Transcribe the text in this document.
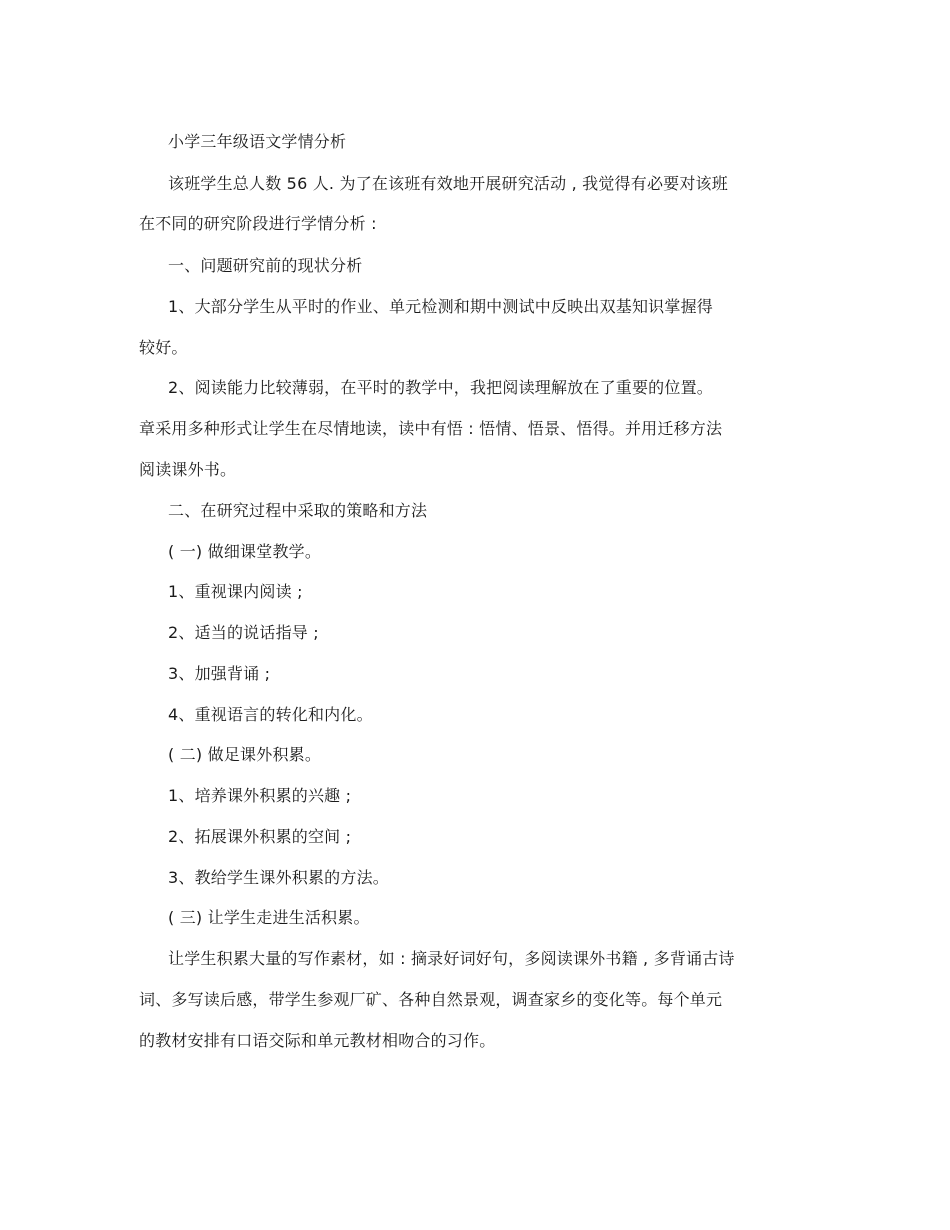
小学三年级语文学情分析
该班学生总人数 56 人. 为了在该班有效地开展研究活动 , 我觉得有必要对该班
在不同的研究阶段进行学情分析 :
一、问题研究前的现状分析
1、大部分学生从平时的作业、单元检测和期中测试中反映出双基知识掌握得
较好。
2、阅读能力比较薄弱，在平时的教学中，我把阅读理解放在了重要的位置。
章采用多种形式让学生在尽情地读，读中有悟 : 悟情、悟景、悟得。并用迁移方法
阅读课外书。
二、在研究过程中采取的策略和方法
( 一) 做细课堂教学。
1、重视课内阅读 ;
2、适当的说话指导 ;
3、加强背诵 ;
4、重视语言的转化和内化。
( 二) 做足课外积累。
1、培养课外积累的兴趣 ;
2、拓展课外积累的空间 ;
3、教给学生课外积累的方法。
( 三) 让学生走进生活积累。
让学生积累大量的写作素材，如 : 摘录好词好句，多阅读课外书籍 , 多背诵古诗
词、多写读后感，带学生参观厂矿、各种自然景观，调查家乡的变化等。每个单元
的教材安排有口语交际和单元教材相吻合的习作。
